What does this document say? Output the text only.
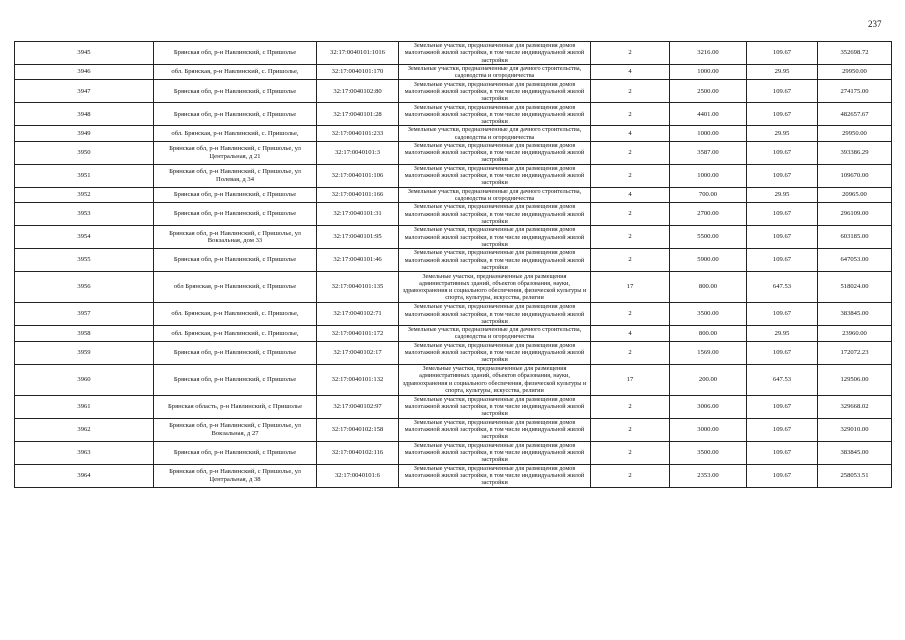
237
3945	Брянская обл, р-н Навлинский, с Пришолье	32:17:0040101:1016	Земельные участки, предназначенные для размещения домов малоэтажной жилой застройки, в том числе индивидуальной жилой застройки	2	3216.00	109.67	352698.72
3946	обл. Брянская, р-н Навлинский, с. Пришолье,	32:17:0040101:170	Земельные участки, предназначенные для дачного строительства, садоводства и огородничества	4	1000.00	29.95	29950.00
3947	Брянская обл, р-н Навлинский, с Пришолье	32:17:0040102:80	Земельные участки, предназначенные для размещения домов малоэтажной жилой застройки, в том числе индивидуальной жилой застройки	2	2500.00	109.67	274175.00
3948	Брянская обл, р-н Навлинский, с Пришолье	32:17:0040101:28	Земельные участки, предназначенные для размещения домов малоэтажной жилой застройки, в том числе индивидуальной жилой застройки	2	4401.00	109.67	482657.67
3949	обл. Брянская, р-н Навлинский, с. Пришолье,	32:17:0040101:233	Земельные участки, предназначенные для дачного строительства, садоводства и огородничества	4	1000.00	29.95	29950.00
3950	Брянская обл, р-н Навлинский, с Пришолье, ул Центральная, д 21	32:17:0040101:3	Земельные участки, предназначенные для размещения домов малоэтажной жилой застройки, в том числе индивидуальной жилой застройки	2	3587.00	109.67	393386.29
3951	Брянская обл, р-н Навлинский, с Пришолье, ул Полевая, д 34	32:17:0040101:106	Земельные участки, предназначенные для размещения домов малоэтажной жилой застройки, в том числе индивидуальной жилой застройки	2	1000.00	109.67	109670.00
3952	Брянская обл, р-н Навлинский, с Пришолье	32:17:0040101:166	Земельные участки, предназначенные для дачного строительства, садоводства и огородничества	4	700.00	29.95	20965.00
3953	Брянская обл, р-н Навлинский, с Пришолье	32:17:0040101:31	Земельные участки, предназначенные для размещения домов малоэтажной жилой застройки, в том числе индивидуальной жилой застройки	2	2700.00	109.67	296109.00
3954	Брянская обл, р-н Навлинский, с Пришолье, ул Вокзальная, дом 33	32:17:0040101:95	Земельные участки, предназначенные для размещения домов малоэтажной жилой застройки, в том числе индивидуальной жилой застройки	2	5500.00	109.67	603185.00
3955	Брянская обл, р-н Навлинский, с Пришолье	32:17:0040101:46	Земельные участки, предназначенные для размещения домов малоэтажной жилой застройки, в том числе индивидуальной жилой застройки	2	5900.00	109.67	647053.00
3956	обл Брянская, р-н Навлинский, с Пришолье	32:17:0040101:135	Земельные участки, предназначенные для размещения административных зданий, объектов образования, науки, здравоохранения и социального обеспечения, физической культуры и спорта, культуры, искусства, религии	17	800.00	647.53	518024.00
3957	обл. Брянская, р-н Навлинский, с. Пришолье,	32:17:0040102:71	Земельные участки, предназначенные для размещения домов малоэтажной жилой застройки, в том числе индивидуальной жилой застройки	2	3500.00	109.67	383845.00
3958	обл. Брянская, р-н Навлинский, с. Пришолье,	32:17:0040101:172	Земельные участки, предназначенные для дачного строительства, садоводства и огородничества	4	800.00	29.95	23960.00
3959	Брянская обл, р-н Навлинский, с Пришолье	32:17:0040102:17	Земельные участки, предназначенные для размещения домов малоэтажной жилой застройки, в том числе индивидуальной жилой застройки	2	1569.00	109.67	172072.23
3960	Брянская обл, р-н Навлинский, с Пришолье	32:17:0040101:132	Земельные участки, предназначенные для размещения административных зданий, объектов образования, науки, здравоохранения и социального обеспечения, физической культуры и спорта, культуры, искусства, религии	17	200.00	647.53	129506.00
3961	Брянская область, р-н Навлинский, с Пришолье	32:17:0040102:97	Земельные участки, предназначенные для размещения домов малоэтажной жилой застройки, в том числе индивидуальной жилой застройки	2	3006.00	109.67	329668.02
3962	Брянская обл, р-н Навлинский, с Пришолье, ул Вокзальная, д 27	32:17:0040102:158	Земельные участки, предназначенные для размещения домов малоэтажной жилой застройки, в том числе индивидуальной жилой застройки	2	3000.00	109.67	329010.00
3963	Брянская обл, р-н Навлинский, с Пришолье	32:17:0040102:116	Земельные участки, предназначенные для размещения домов малоэтажной жилой застройки, в том числе индивидуальной жилой застройки	2	3500.00	109.67	383845.00
3964	Брянская обл, р-н Навлинский, с Пришолье, ул Центральная, д 38	32:17:0040101:6	Земельные участки, предназначенные для размещения домов малоэтажной жилой застройки, в том числе индивидуальной жилой застройки	2	2353.00	109.67	258053.51
